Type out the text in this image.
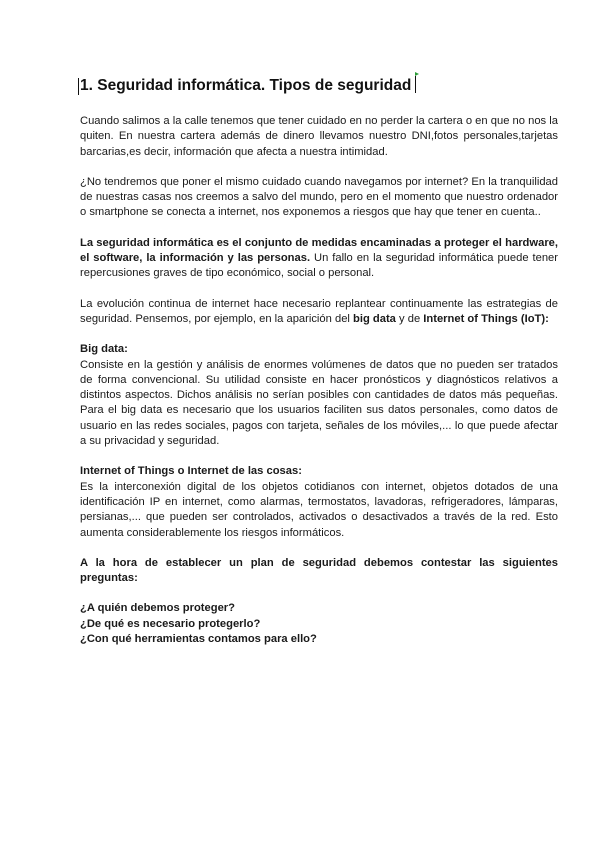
1. Seguridad informática. Tipos de seguridad

Cuando salimos a la calle tenemos que tener cuidado en no perder la cartera o en que no nos la quiten. En nuestra cartera además de dinero llevamos nuestro DNI,fotos personales,tarjetas barcarias,es decir, información que afecta a nuestra intimidad.

¿No tendremos que poner el mismo cuidado cuando navegamos por internet? En la tranquilidad de nuestras casas nos creemos a salvo del mundo, pero en el momento que nuestro ordenador o smartphone se conecta a internet, nos exponemos a riesgos que hay que tener en cuenta..

La seguridad informática es el conjunto de medidas encaminadas a proteger el hardware, el software, la información y las personas. Un fallo en la seguridad informática puede tener repercusiones graves de tipo económico, social o personal.

La evolución continua de internet hace necesario replantear continuamente las estrategias de seguridad. Pensemos, por ejemplo, en la aparición del big data y de Internet of Things (IoT):

Big data:

Consiste en la gestión y análisis de enormes volúmenes de datos que no pueden ser tratados de forma convencional. Su utilidad consiste en hacer pronósticos y diagnósticos relativos a distintos aspectos. Dichos análisis no serían posibles con cantidades de datos más pequeñas. Para el big data es necesario que los usuarios faciliten sus datos personales, como datos de usuario en las redes sociales, pagos con tarjeta, señales de los móviles,... lo que puede afectar a su privacidad y seguridad.

Internet of Things o Internet de las cosas:

Es la interconexión digital de los objetos cotidianos con internet, objetos dotados de una identificación IP en internet, como alarmas, termostatos, lavadoras, refrigeradores, lámparas, persianas,... que pueden ser controlados, activados o desactivados a través de la red. Esto aumenta considerablemente los riesgos informáticos.

A la hora de establecer un plan de seguridad debemos contestar las siguientes preguntas:

¿A quién debemos proteger?

¿De qué es necesario protegerlo?

¿Con qué herramientas contamos para ello?
